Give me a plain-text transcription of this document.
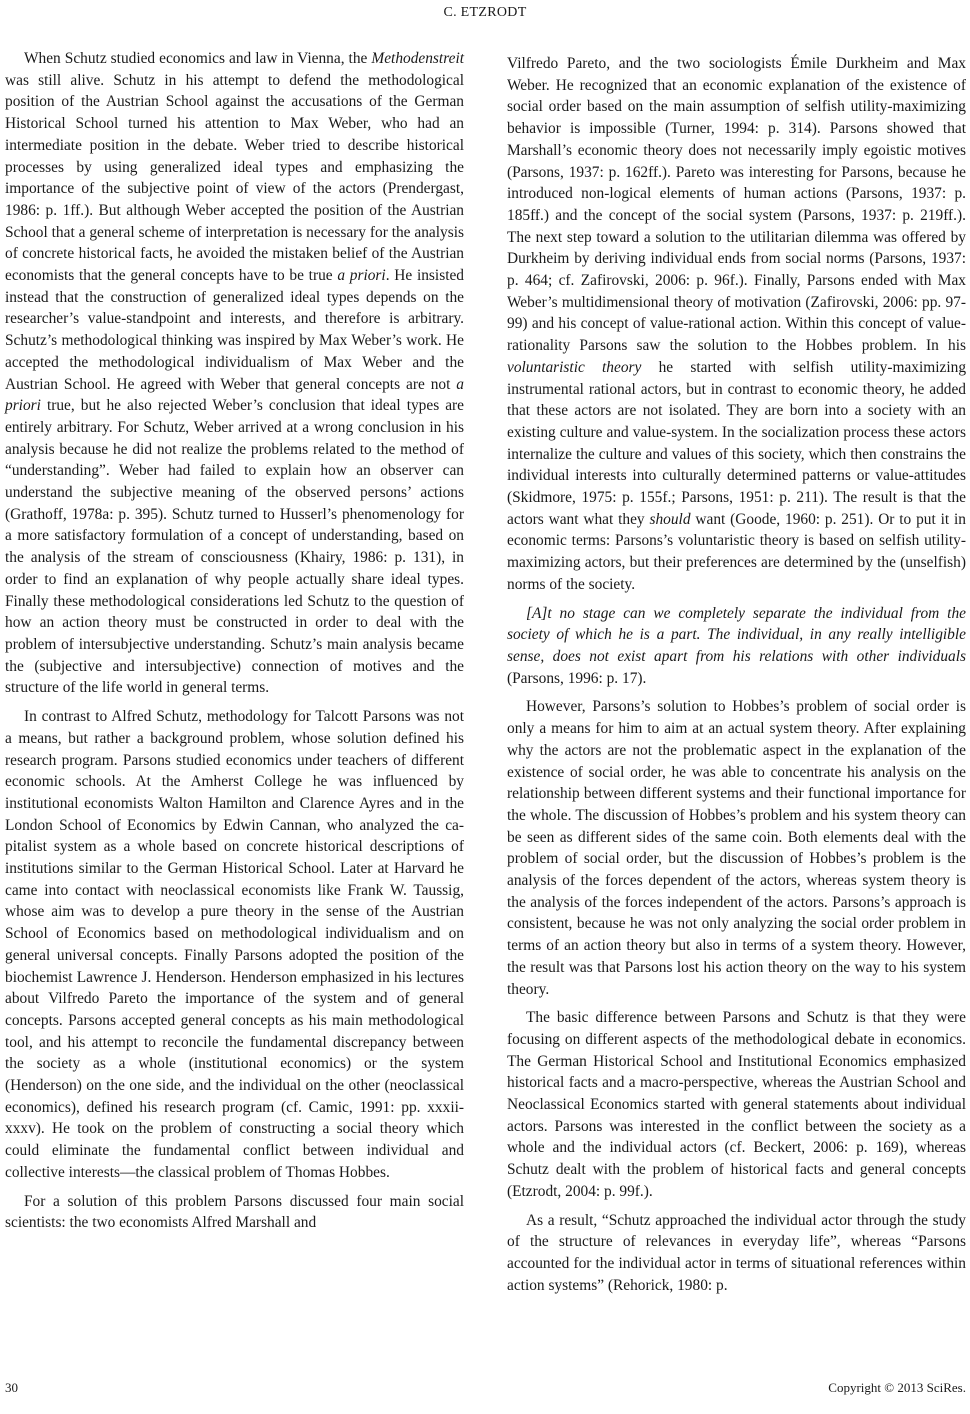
C. ETZRODT

When Schutz studied economics and law in Vienna, the Methodenstreit was still alive. Schutz in his attempt to defend the methodological position of the Austrian School against the accusations of the German Historical School turned his attention to Max Weber, who had an intermediate position in the debate. Weber tried to describe historical processes by using generalized ideal types and emphasizing the importance of the subjective point of view of the actors (Prendergast, 1986: p. 1ff.). But although Weber accepted the position of the Austrian School that a general scheme of interpretation is necessary for the analysis of concrete historical facts, he avoided the mistaken belief of the Austrian economists that the general concepts have to be true a priori. He insisted instead that the construction of generalized ideal types depends on the researcher’s value-standpoint and interests, and therefore is arbitrary. Schutz’s methodological thinking was inspired by Max Weber’s work. He accepted the methodological individualism of Max Weber and the Austrian School. He agreed with Weber that general concepts are not a priori true, but he also rejected Weber’s conclusion that ideal types are entirely arbitrary. For Schutz, Weber arrived at a wrong conclusion in his analysis because he did not realize the problems related to the method of “understanding”. Weber had failed to explain how an observer can understand the subjective meaning of the observed persons’ actions (Grathoff, 1978a: p. 395). Schutz turned to Husserl’s phenomenology for a more satisfactory formulation of a concept of understanding, based on the analysis of the stream of consciousness (Khairy, 1986: p. 131), in order to find an explanation of why people actually share ideal types. Finally these methodological considerations led Schutz to the question of how an action theory must be constructed in order to deal with the problem of intersubjective understanding. Schutz’s main analysis became the (subjective and intersubjective) connection of motives and the structure of the life world in general terms.

In contrast to Alfred Schutz, methodology for Talcott Parsons was not a means, but rather a background problem, whose solution defined his research program. Parsons studied economics under teachers of different economic schools. At the Amherst College he was influenced by institutional economists Walton Hamilton and Clarence Ayres and in the London School of Economics by Edwin Cannan, who analyzed the capitalist system as a whole based on concrete historical descriptions of institutions similar to the German Historical School. Later at Harvard he came into contact with neoclassical economists like Frank W. Taussig, whose aim was to develop a pure theory in the sense of the Austrian School of Economics based on methodological individualism and on general universal concepts. Finally Parsons adopted the position of the biochemist Lawrence J. Henderson. Henderson emphasized in his lectures about Vilfredo Pareto the importance of the system and of general concepts. Parsons accepted general concepts as his main methodological tool, and his attempt to reconcile the fundamental discrepancy between the society as a whole (institutional economics) or the system (Henderson) on the one side, and the individual on the other (neoclassical economics), defined his research program (cf. Camic, 1991: pp. xxxii-xxxv). He took on the problem of constructing a social theory which could eliminate the fundamental conflict between individual and collective interests—the classical problem of Thomas Hobbes.

For a solution of this problem Parsons discussed four main social scientists: the two economists Alfred Marshall and

Vilfredo Pareto, and the two sociologists Émile Durkheim and Max Weber. He recognized that an economic explanation of the existence of social order based on the main assumption of selfish utility-maximizing behavior is impossible (Turner, 1994: p. 314). Parsons showed that Marshall’s economic theory does not necessarily imply egoistic motives (Parsons, 1937: p. 162ff.). Pareto was interesting for Parsons, because he introduced non-logical elements of human actions (Parsons, 1937: p. 185ff.) and the concept of the social system (Parsons, 1937: p. 219ff.). The next step toward a solution to the utilitarian dilemma was offered by Durkheim by deriving individual ends from social norms (Parsons, 1937: p. 464; cf. Zafirovski, 2006: p. 96f.). Finally, Parsons ended with Max Weber’s multidimensional theory of motivation (Zafirovski, 2006: pp. 97-99) and his concept of value-rational action. Within this concept of value-rationality Parsons saw the solution to the Hobbes problem. In his voluntaristic theory he started with selfish utility-maximizing instrumental rational actors, but in contrast to economic theory, he added that these actors are not isolated. They are born into a society with an existing culture and value-system. In the socialization process these actors internalize the culture and values of this society, which then constrains the individual interests into culturally determined patterns or value-attitudes (Skidmore, 1975: p. 155f.; Parsons, 1951: p. 211). The result is that the actors want what they should want (Goode, 1960: p. 251). Or to put it in economic terms: Parsons’s voluntaristic theory is based on selfish utility-maximizing actors, but their preferences are determined by the (unselfish) norms of the society.

[A]t no stage can we completely separate the individual from the society of which he is a part. The individual, in any really intelligible sense, does not exist apart from his relations with other individuals (Parsons, 1996: p. 17).

However, Parsons’s solution to Hobbes’s problem of social order is only a means for him to aim at an actual system theory. After explaining why the actors are not the problematic aspect in the explanation of the existence of social order, he was able to concentrate his analysis on the relationship between different systems and their functional importance for the whole. The discussion of Hobbes’s problem and his system theory can be seen as different sides of the same coin. Both elements deal with the problem of social order, but the discussion of Hobbes’s problem is the analysis of the forces dependent of the actors, whereas system theory is the analysis of the forces independent of the actors. Parsons’s approach is consistent, because he was not only analyzing the social order problem in terms of an action theory but also in terms of a system theory. However, the result was that Parsons lost his action theory on the way to his system theory.

The basic difference between Parsons and Schutz is that they were focusing on different aspects of the methodological debate in economics. The German Historical School and Institutional Economics emphasized historical facts and a macro-perspective, whereas the Austrian School and Neoclassical Economics started with general statements about individual actors. Parsons was interested in the conflict between the society as a whole and the individual actors (cf. Beckert, 2006: p. 169), whereas Schutz dealt with the problem of historical facts and general concepts (Etzrodt, 2004: p. 99f.).

As a result, “Schutz approached the individual actor through the study of the structure of relevances in everyday life”, whereas “Parsons accounted for the individual actor in terms of situational references within action systems” (Rehorick, 1980: p.

30	Copyright © 2013 SciRes.
